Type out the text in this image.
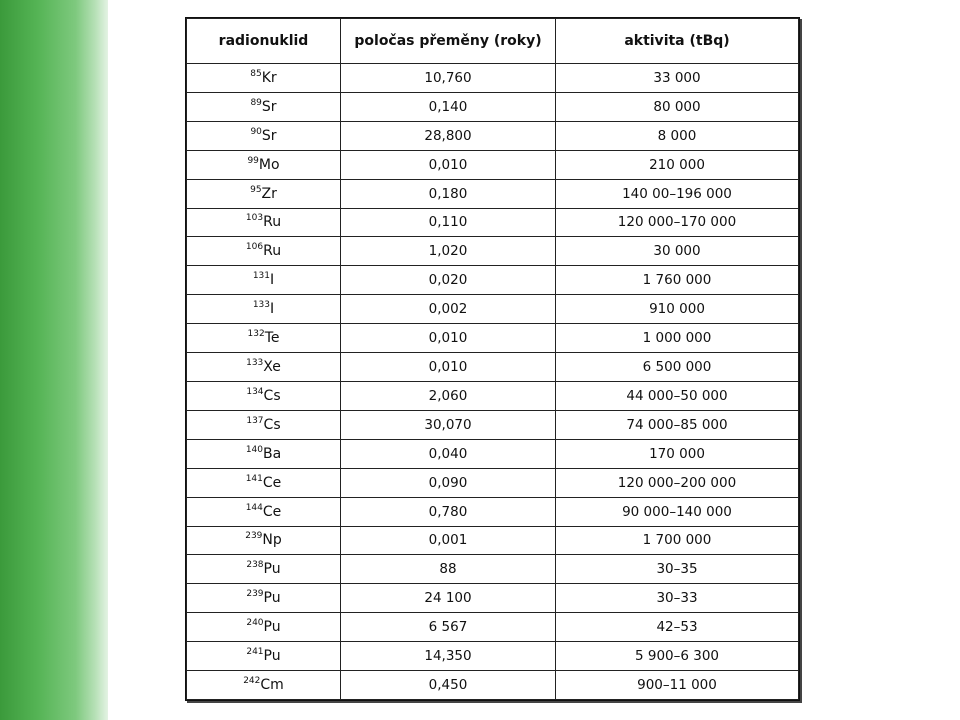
radionuklid	poločas přeměny (roky)	aktivita (tBq)
$^{85}$Kr	10,760	33 000
$^{89}$Sr	0,140	80 000
$^{90}$Sr	28,800	8 000
$^{99}$Mo	0,010	210 000
$^{95}$Zr	0,180	140 00–196 000
$^{103}$Ru	0,110	120 000–170 000
$^{106}$Ru	1,020	30 000
$^{131}$I	0,020	1 760 000
$^{133}$I	0,002	910 000
$^{132}$Te	0,010	1 000 000
$^{133}$Xe	0,010	6 500 000
$^{134}$Cs	2,060	44 000–50 000
$^{137}$Cs	30,070	74 000–85 000
$^{140}$Ba	0,040	170 000
$^{141}$Ce	0,090	120 000–200 000
$^{144}$Ce	0,780	90 000–140 000
$^{239}$Np	0,001	1 700 000
$^{238}$Pu	88	30–35
$^{239}$Pu	24 100	30–33
$^{240}$Pu	6 567	42–53
$^{241}$Pu	14,350	5 900–6 300
$^{242}$Cm	0,450	900–11 000
